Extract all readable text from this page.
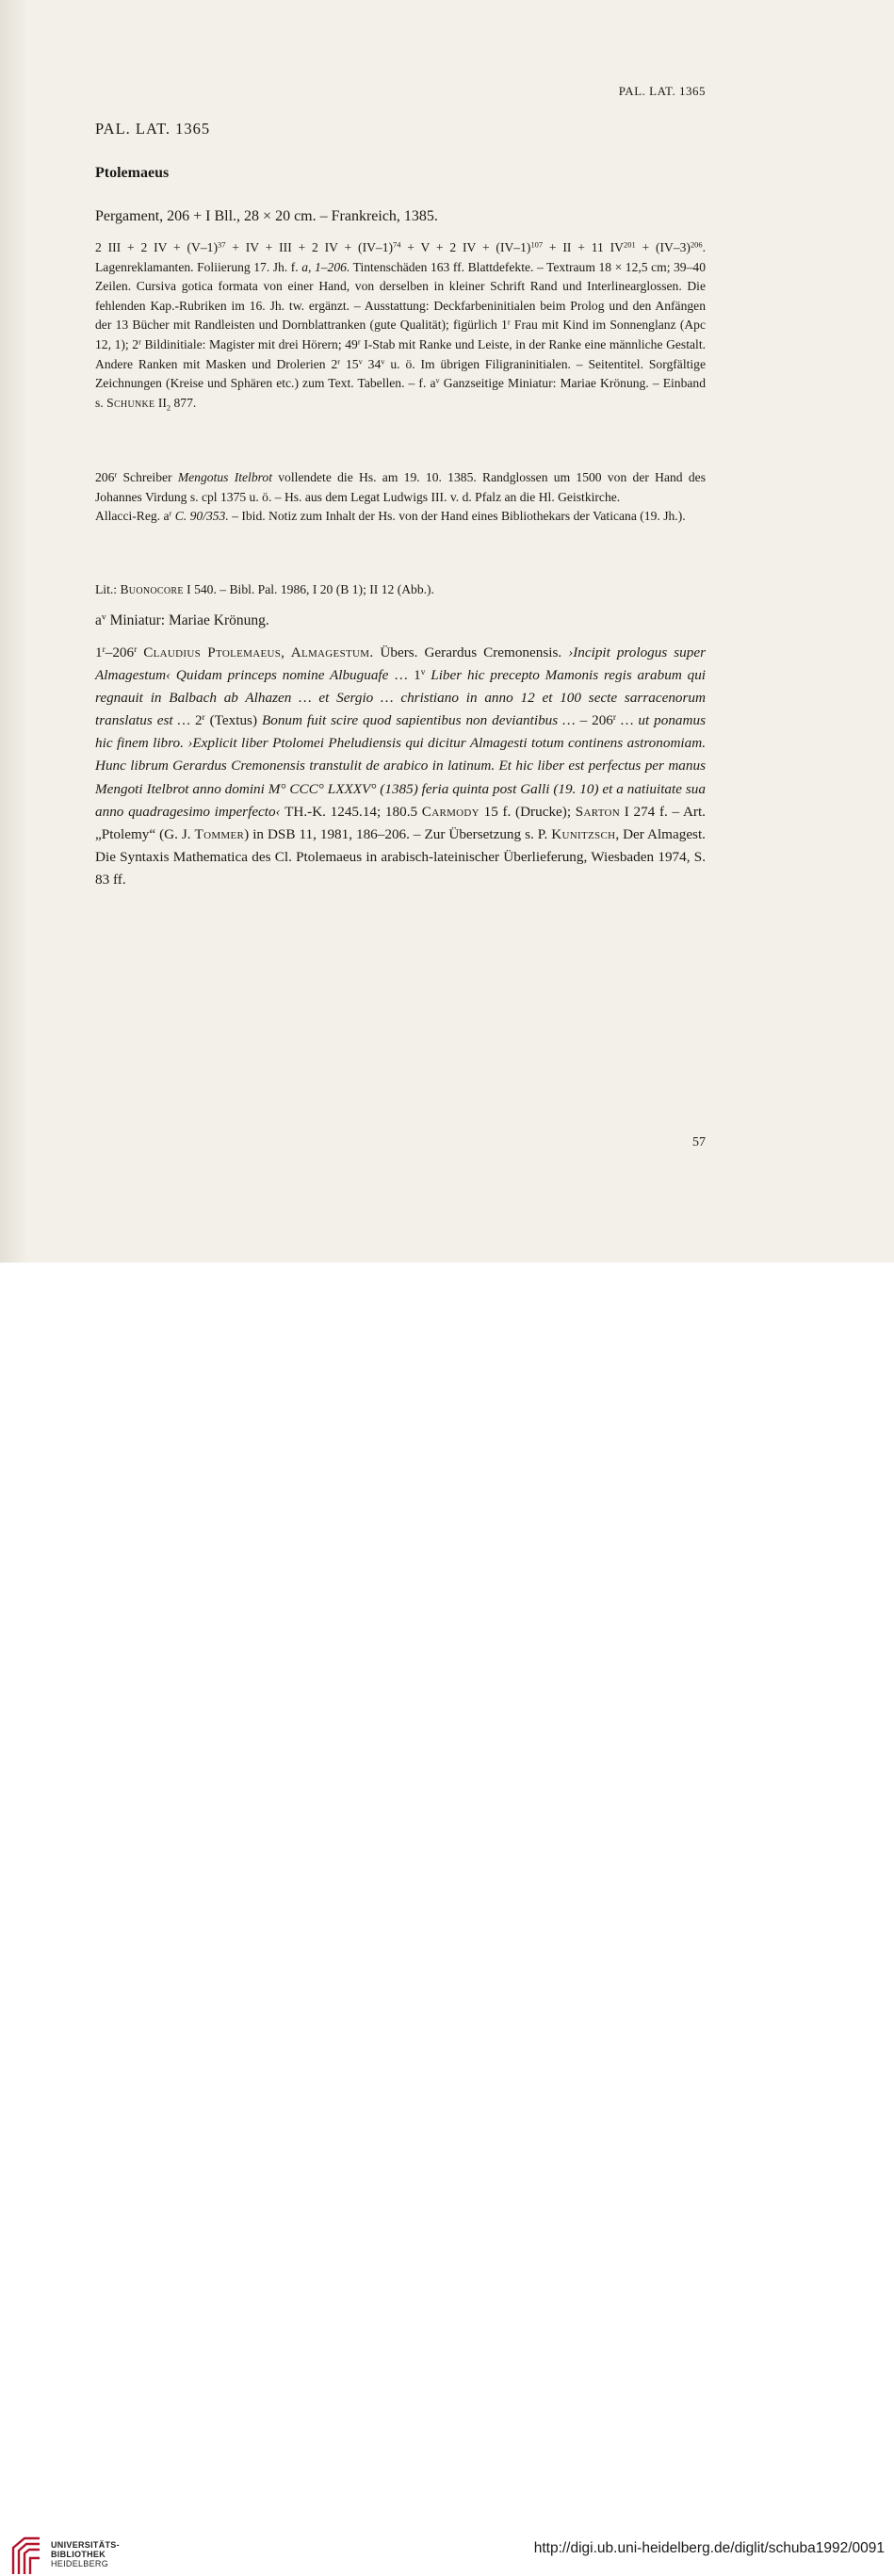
PAL. LAT. 1365
PAL. LAT. 1365
Ptolemaeus
Pergament, 206 + I Bll., 28 × 20 cm. – Frankreich, 1385.

2 III + 2 IV + $(V-1)^{37}$ + IV + III + 2 IV + $(IV-1)^{74} + V + 2$ IV + $(IV-1)^{107}$ + II + 11 $IV^{201} + (IV-3)^{206}$. Lagenreklamanten. Foliierung 17. Jh. f. a, 1–206. Tintenschäden 163 ff. Blattdefekte. – Textraum 18 × 12,5 cm; 39–40 Zeilen. Cursiva gotica formata von einer Hand, von derselben in kleiner Schrift Rand und Interlinearglossen. Die fehlenden Kap.-Rubriken im 16. Jh. tw. ergänzt. – Ausstattung: Deckfarbeninitialen beim Prolog und den Anfängen der 13 Bücher mit Randleisten und Dornblattranken (gute Qualität); figürlich 1$^r$ Frau mit Kind im Sonnenglanz (Apc 12, 1); 2$^r$ Bildinitiale: Magister mit drei Hörern; 49$^r$ I-Stab mit Ranke und Leiste, in der Ranke eine männliche Gestalt. Andere Ranken mit Masken und Drolerien 2$^r$ 15$^v$ 34$^v$ u. ö. Im übrigen Filigraninitialen. – Seitentitel. Sorgfältige Zeichnungen (Kreise und Sphären etc.) zum Text. Tabellen. – f. $a^v$ Ganzseitige Miniatur: Mariae Krönung. – Einband s. Schunke $II_2$ 877.

206$^r$ Schreiber Mengotus Itelbrot vollendete die Hs. am 19. 10. 1385. Randglossen um 1500 von der Hand des Johannes Virdung s. cpl 1375 u. ö. – Hs. aus dem Legat Ludwigs III. v. d. Pfalz an die Hl. Geistkirche.
Allacci-Reg. $a^r$ C. 90/353. – Ibid. Notiz zum Inhalt der Hs. von der Hand eines Bibliothekars der Vaticana (19. Jh.).

Lit.: Buonocore I 540. – Bibl. Pal. 1986, I 20 (B 1); II 12 (Abb.).

$a^v$ Miniatur: Mariae Krönung.
1$^r$–206$^r$ Claudius Ptolemaeus, Almagestum. Übers. Gerardus Cremonensis. ›Incipit prologus super Almagestum‹ Quidam princeps nomine Albuguafe … 1$^v$ Liber hic precepto Mamonis regis arabum qui regnauit in Balbach ab Alhazen … et Sergio … christiano in anno 12 et 100 secte sarracenorum translatus est … 2$^r$ (Textus) Bonum fuit scire quod sapientibus non deviantibus … – 206$^r$ … ut ponamus hic finem libro. ›Explicit liber Ptolomei Pheludiensis qui dicitur Almagesti totum continens astronomiam. Hunc librum Gerardus Cremonensis transtulit de arabico in latinum. Et hic liber est perfectus per manus Mengoti Itelbrot anno domini M° CCC° LXXXV° (1385) feria quinta post Galli (19. 10) et a natiuitate sua anno quadragesimo imperfecto‹ TH.-K. 1245.14; 180.5 Carmody 15 f. (Drucke); Sarton I 274 f. – Art. „Ptolemy“ (G. J. Tommer) in DSB 11, 1981, 186–206. – Zur Übersetzung s. P. Kunitzsch, Der Almagest. Die Syntaxis Mathematica des Cl. Ptolemaeus in arabisch-lateinischer Überlieferung, Wiesbaden 1974, S. 83 ff.
57
UNIVERSITÄTS-
BIBLIOTHEK
HEIDELBERG
http://digi.ub.uni-heidelberg.de/diglit/schuba1992/0091
